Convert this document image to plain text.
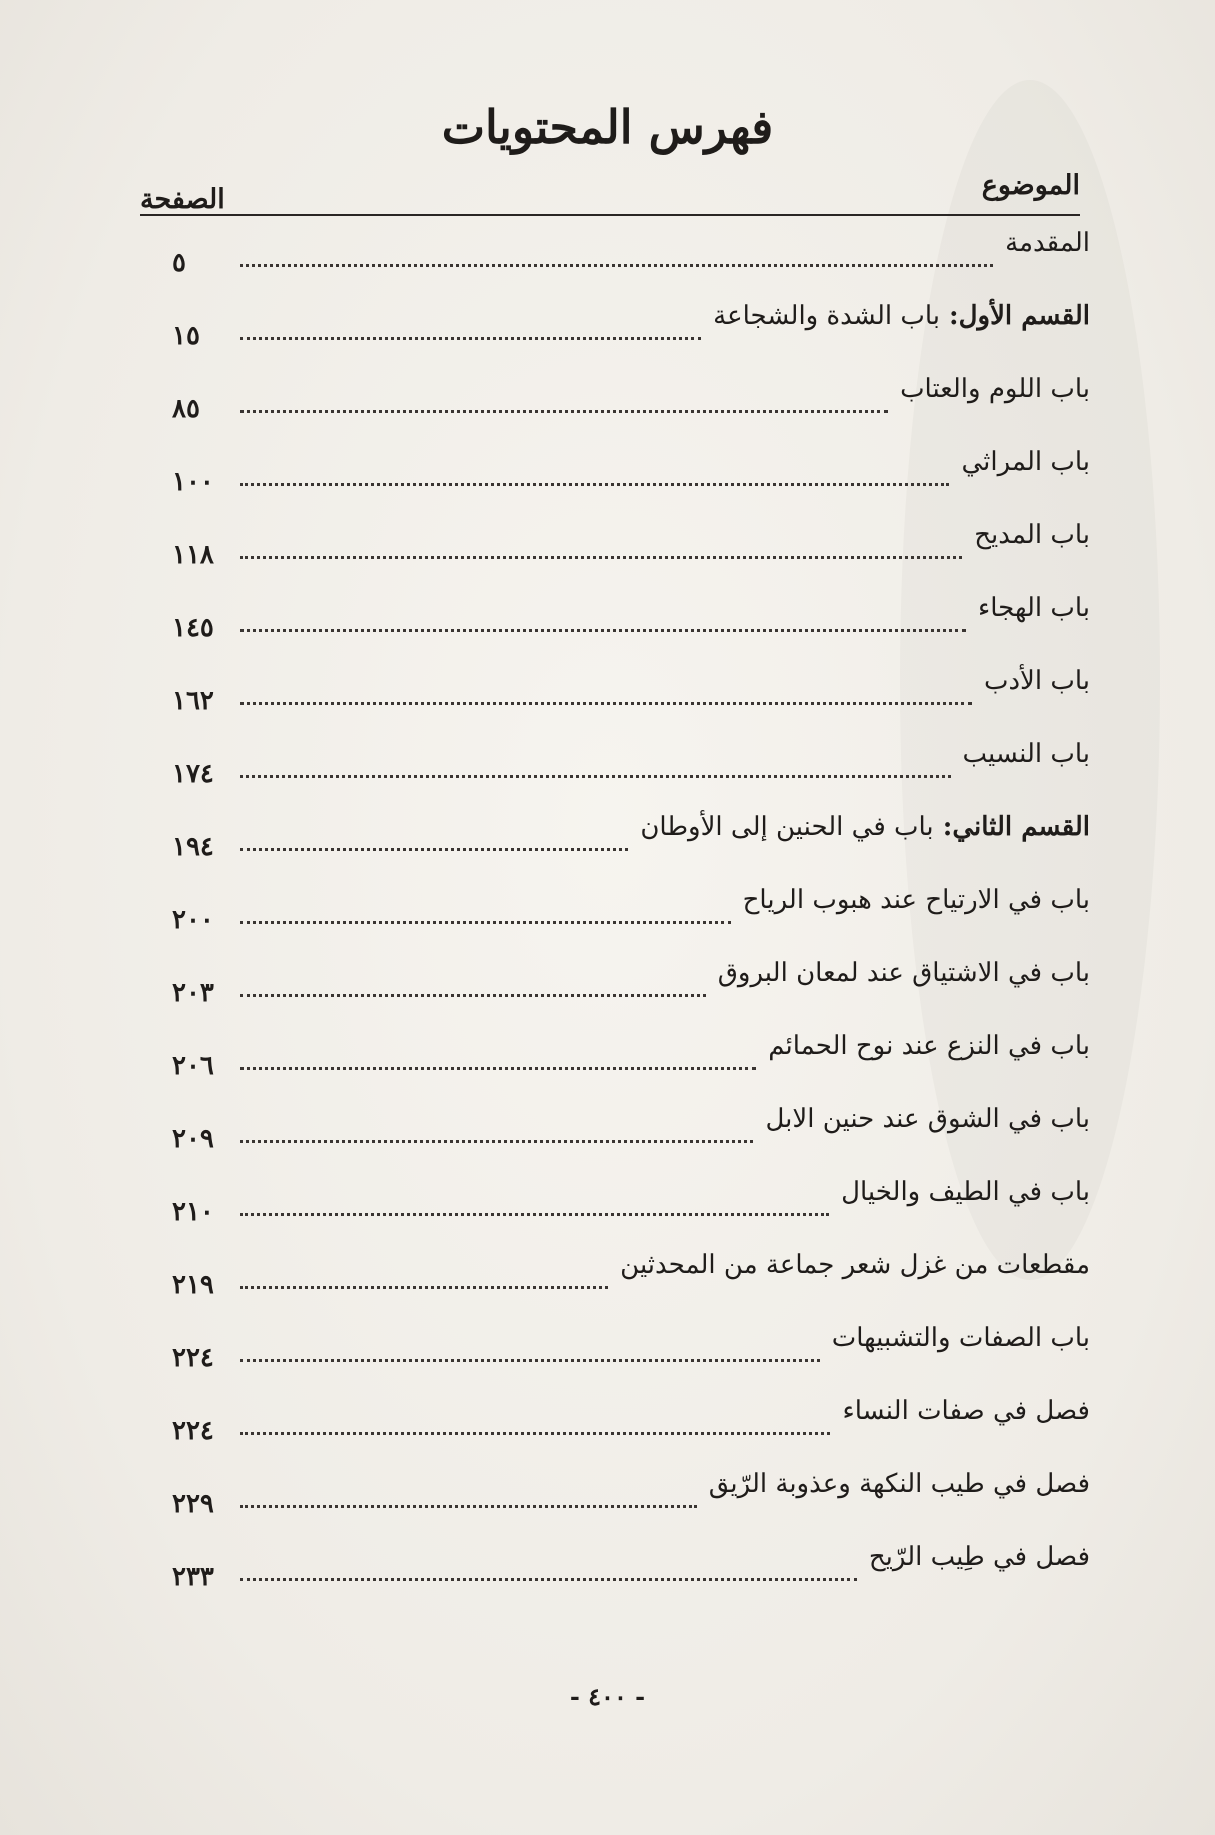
فهرس المحتويات
الموضوع
الصفحة
المقدمة
٥
القسم الأول: باب الشدة والشجاعة
١٥
باب اللوم والعتاب
٨٥
باب المراثي
١٠٠
باب المديح
١١٨
باب الهجاء
١٤٥
باب الأدب
١٦٢
باب النسيب
١٧٤
القسم الثاني: باب في الحنين إلى الأوطان
١٩٤
باب في الارتياح عند هبوب الرياح
٢٠٠
باب في الاشتياق عند لمعان البروق
٢٠٣
باب في النزع عند نوح الحمائم
٢٠٦
باب في الشوق عند حنين الابل
٢٠٩
باب في الطيف والخيال
٢١٠
مقطعات من غزل شعر جماعة من المحدثين
٢١٩
باب الصفات والتشبيهات
٢٢٤
فصل في صفات النساء
٢٢٤
فصل في طيب النكهة وعذوبة الرّيق
٢٢٩
فصل في طِيب الرّيح
٢٣٣
- ٤٠٠ -
